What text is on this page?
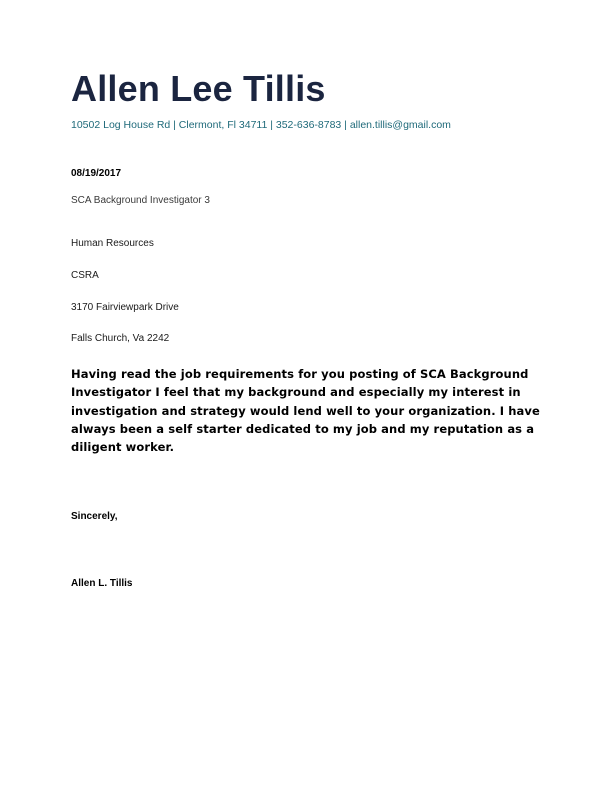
Allen Lee Tillis
10502 Log House Rd | Clermont, Fl 34711 | 352-636-8783 | allen.tillis@gmail.com
08/19/2017
SCA Background Investigator 3
Human Resources
CSRA
3170 Fairviewpark Drive
Falls Church, Va 2242
Having read the job requirements for you posting of SCA Background Investigator I feel that my background and especially my interest in investigation and strategy would lend well to your organization. I have always been a self starter dedicated to my job and my reputation as a diligent worker.
Sincerely,
Allen L. Tillis
